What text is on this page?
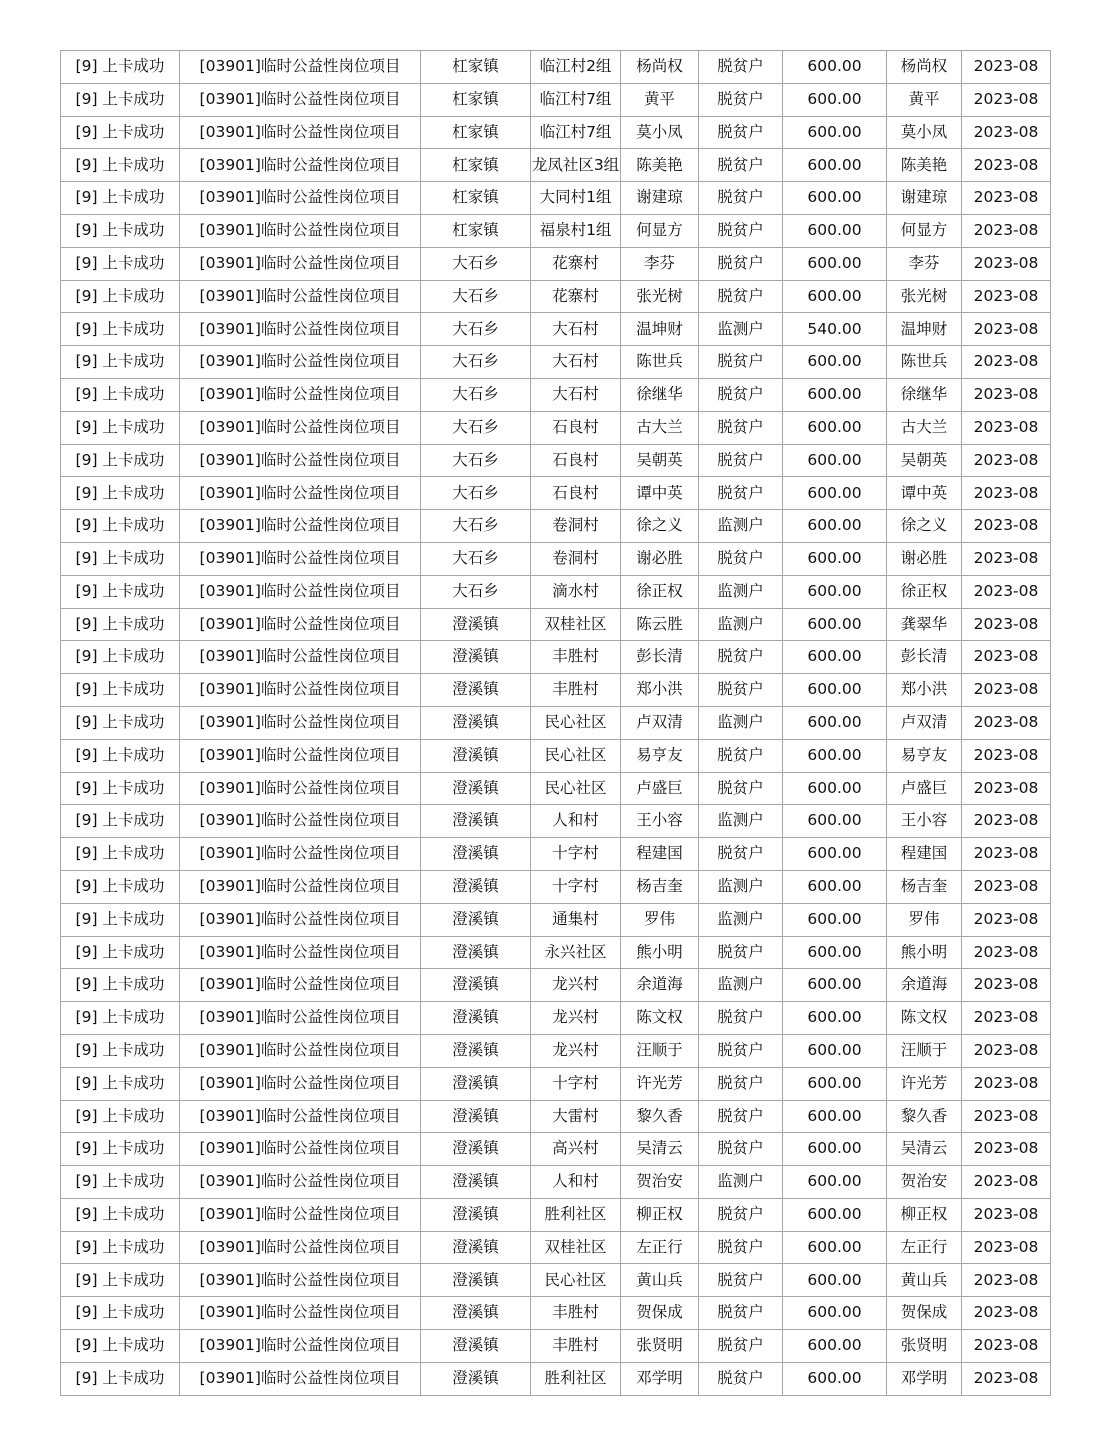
[9] 上卡成功	[03901]临时公益性岗位项目	杠家镇	临江村2组	杨尚权	脱贫户	600.00	杨尚权	2023-08
[9] 上卡成功	[03901]临时公益性岗位项目	杠家镇	临江村7组	黄平	脱贫户	600.00	黄平	2023-08
[9] 上卡成功	[03901]临时公益性岗位项目	杠家镇	临江村7组	莫小凤	脱贫户	600.00	莫小凤	2023-08
[9] 上卡成功	[03901]临时公益性岗位项目	杠家镇	龙凤社区3组	陈美艳	脱贫户	600.00	陈美艳	2023-08
[9] 上卡成功	[03901]临时公益性岗位项目	杠家镇	大同村1组	谢建琼	脱贫户	600.00	谢建琼	2023-08
[9] 上卡成功	[03901]临时公益性岗位项目	杠家镇	福泉村1组	何显方	脱贫户	600.00	何显方	2023-08
[9] 上卡成功	[03901]临时公益性岗位项目	大石乡	花寨村	李芬	脱贫户	600.00	李芬	2023-08
[9] 上卡成功	[03901]临时公益性岗位项目	大石乡	花寨村	张光树	脱贫户	600.00	张光树	2023-08
[9] 上卡成功	[03901]临时公益性岗位项目	大石乡	大石村	温坤财	监测户	540.00	温坤财	2023-08
[9] 上卡成功	[03901]临时公益性岗位项目	大石乡	大石村	陈世兵	脱贫户	600.00	陈世兵	2023-08
[9] 上卡成功	[03901]临时公益性岗位项目	大石乡	大石村	徐继华	脱贫户	600.00	徐继华	2023-08
[9] 上卡成功	[03901]临时公益性岗位项目	大石乡	石良村	古大兰	脱贫户	600.00	古大兰	2023-08
[9] 上卡成功	[03901]临时公益性岗位项目	大石乡	石良村	吴朝英	脱贫户	600.00	吴朝英	2023-08
[9] 上卡成功	[03901]临时公益性岗位项目	大石乡	石良村	谭中英	脱贫户	600.00	谭中英	2023-08
[9] 上卡成功	[03901]临时公益性岗位项目	大石乡	卷洞村	徐之义	监测户	600.00	徐之义	2023-08
[9] 上卡成功	[03901]临时公益性岗位项目	大石乡	卷洞村	谢必胜	脱贫户	600.00	谢必胜	2023-08
[9] 上卡成功	[03901]临时公益性岗位项目	大石乡	滴水村	徐正权	监测户	600.00	徐正权	2023-08
[9] 上卡成功	[03901]临时公益性岗位项目	澄溪镇	双桂社区	陈云胜	监测户	600.00	龚翠华	2023-08
[9] 上卡成功	[03901]临时公益性岗位项目	澄溪镇	丰胜村	彭长清	脱贫户	600.00	彭长清	2023-08
[9] 上卡成功	[03901]临时公益性岗位项目	澄溪镇	丰胜村	郑小洪	脱贫户	600.00	郑小洪	2023-08
[9] 上卡成功	[03901]临时公益性岗位项目	澄溪镇	民心社区	卢双清	监测户	600.00	卢双清	2023-08
[9] 上卡成功	[03901]临时公益性岗位项目	澄溪镇	民心社区	易亨友	脱贫户	600.00	易亨友	2023-08
[9] 上卡成功	[03901]临时公益性岗位项目	澄溪镇	民心社区	卢盛巨	脱贫户	600.00	卢盛巨	2023-08
[9] 上卡成功	[03901]临时公益性岗位项目	澄溪镇	人和村	王小容	监测户	600.00	王小容	2023-08
[9] 上卡成功	[03901]临时公益性岗位项目	澄溪镇	十字村	程建国	脱贫户	600.00	程建国	2023-08
[9] 上卡成功	[03901]临时公益性岗位项目	澄溪镇	十字村	杨吉奎	监测户	600.00	杨吉奎	2023-08
[9] 上卡成功	[03901]临时公益性岗位项目	澄溪镇	通集村	罗伟	监测户	600.00	罗伟	2023-08
[9] 上卡成功	[03901]临时公益性岗位项目	澄溪镇	永兴社区	熊小明	脱贫户	600.00	熊小明	2023-08
[9] 上卡成功	[03901]临时公益性岗位项目	澄溪镇	龙兴村	余道海	监测户	600.00	余道海	2023-08
[9] 上卡成功	[03901]临时公益性岗位项目	澄溪镇	龙兴村	陈文权	脱贫户	600.00	陈文权	2023-08
[9] 上卡成功	[03901]临时公益性岗位项目	澄溪镇	龙兴村	汪顺于	脱贫户	600.00	汪顺于	2023-08
[9] 上卡成功	[03901]临时公益性岗位项目	澄溪镇	十字村	许光芳	脱贫户	600.00	许光芳	2023-08
[9] 上卡成功	[03901]临时公益性岗位项目	澄溪镇	大雷村	黎久香	脱贫户	600.00	黎久香	2023-08
[9] 上卡成功	[03901]临时公益性岗位项目	澄溪镇	高兴村	吴清云	脱贫户	600.00	吴清云	2023-08
[9] 上卡成功	[03901]临时公益性岗位项目	澄溪镇	人和村	贺治安	监测户	600.00	贺治安	2023-08
[9] 上卡成功	[03901]临时公益性岗位项目	澄溪镇	胜利社区	柳正权	脱贫户	600.00	柳正权	2023-08
[9] 上卡成功	[03901]临时公益性岗位项目	澄溪镇	双桂社区	左正行	脱贫户	600.00	左正行	2023-08
[9] 上卡成功	[03901]临时公益性岗位项目	澄溪镇	民心社区	黄山兵	脱贫户	600.00	黄山兵	2023-08
[9] 上卡成功	[03901]临时公益性岗位项目	澄溪镇	丰胜村	贺保成	脱贫户	600.00	贺保成	2023-08
[9] 上卡成功	[03901]临时公益性岗位项目	澄溪镇	丰胜村	张贤明	脱贫户	600.00	张贤明	2023-08
[9] 上卡成功	[03901]临时公益性岗位项目	澄溪镇	胜利社区	邓学明	脱贫户	600.00	邓学明	2023-08
